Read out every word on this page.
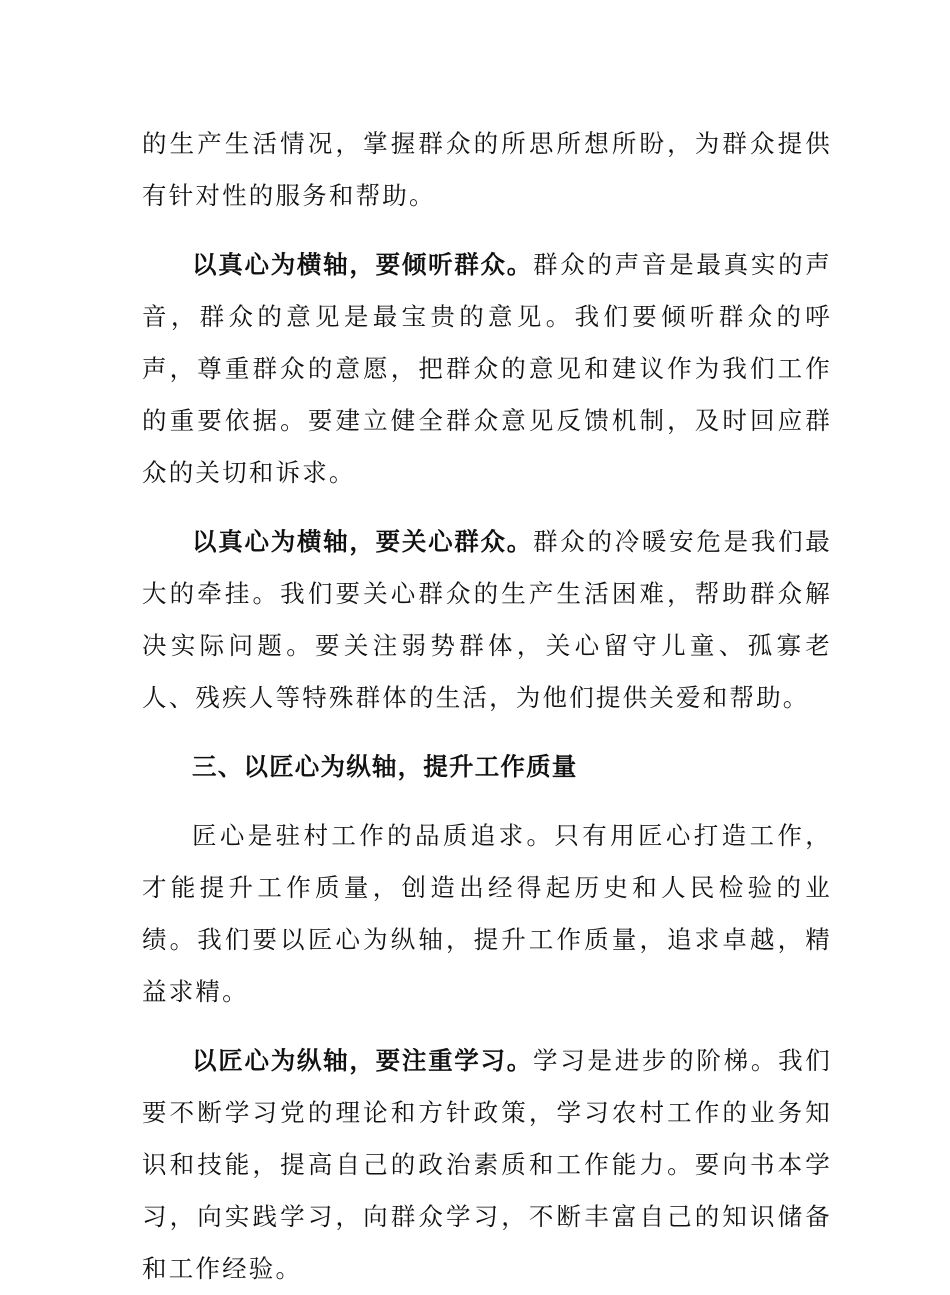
的生产生活情况，掌握群众的所思所想所盼，为群众提供有针对性的服务和帮助。

以真心为横轴，要倾听群众。群众的声音是最真实的声音，群众的意见是最宝贵的意见。我们要倾听群众的呼声，尊重群众的意愿，把群众的意见和建议作为我们工作的重要依据。要建立健全群众意见反馈机制，及时回应群众的关切和诉求。

以真心为横轴，要关心群众。群众的冷暖安危是我们最大的牵挂。我们要关心群众的生产生活困难，帮助群众解决实际问题。要关注弱势群体，关心留守儿童、孤寡老人、残疾人等特殊群体的生活，为他们提供关爱和帮助。

三、以匠心为纵轴，提升工作质量

匠心是驻村工作的品质追求。只有用匠心打造工作，才能提升工作质量，创造出经得起历史和人民检验的业绩。我们要以匠心为纵轴，提升工作质量，追求卓越，精益求精。

以匠心为纵轴，要注重学习。学习是进步的阶梯。我们要不断学习党的理论和方针政策，学习农村工作的业务知识和技能，提高自己的政治素质和工作能力。要向书本学习，向实践学习，向群众学习，不断丰富自己的知识储备和工作经验。
